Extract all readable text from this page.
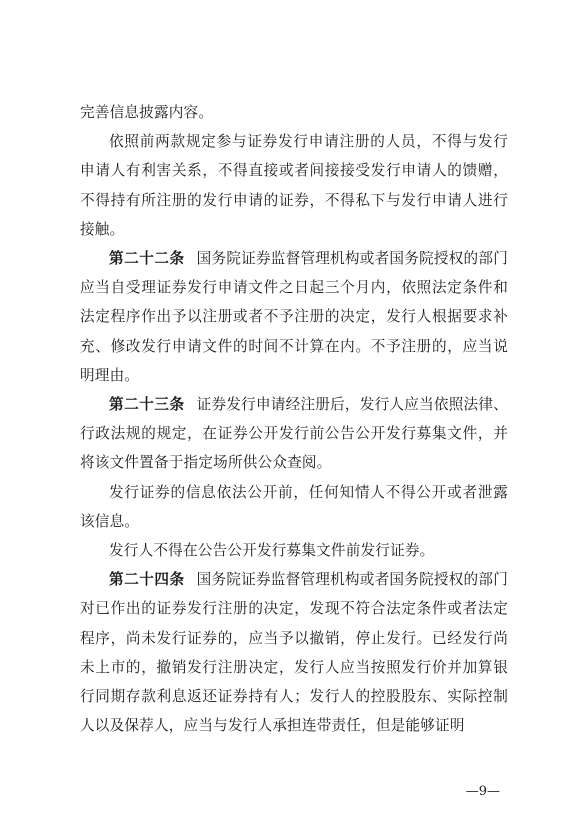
完善信息披露内容。

依照前两款规定参与证券发行申请注册的人员，不得与发行申请人有利害关系，不得直接或者间接接受发行申请人的馈赠，不得持有所注册的发行申请的证券，不得私下与发行申请人进行接触。

第二十二条 国务院证券监督管理机构或者国务院授权的部门应当自受理证券发行申请文件之日起三个月内，依照法定条件和法定程序作出予以注册或者不予注册的决定，发行人根据要求补充、修改发行申请文件的时间不计算在内。不予注册的，应当说明理由。

第二十三条 证券发行申请经注册后，发行人应当依照法律、行政法规的规定，在证券公开发行前公告公开发行募集文件，并将该文件置备于指定场所供公众查阅。

发行证券的信息依法公开前，任何知情人不得公开或者泄露该信息。

发行人不得在公告公开发行募集文件前发行证券。

第二十四条 国务院证券监督管理机构或者国务院授权的部门对已作出的证券发行注册的决定，发现不符合法定条件或者法定程序，尚未发行证券的，应当予以撤销，停止发行。已经发行尚未上市的，撤销发行注册决定，发行人应当按照发行价并加算银行同期存款利息返还证券持有人；发行人的控股股东、实际控制人以及保荐人，应当与发行人承担连带责任，但是能够证明

—9—
